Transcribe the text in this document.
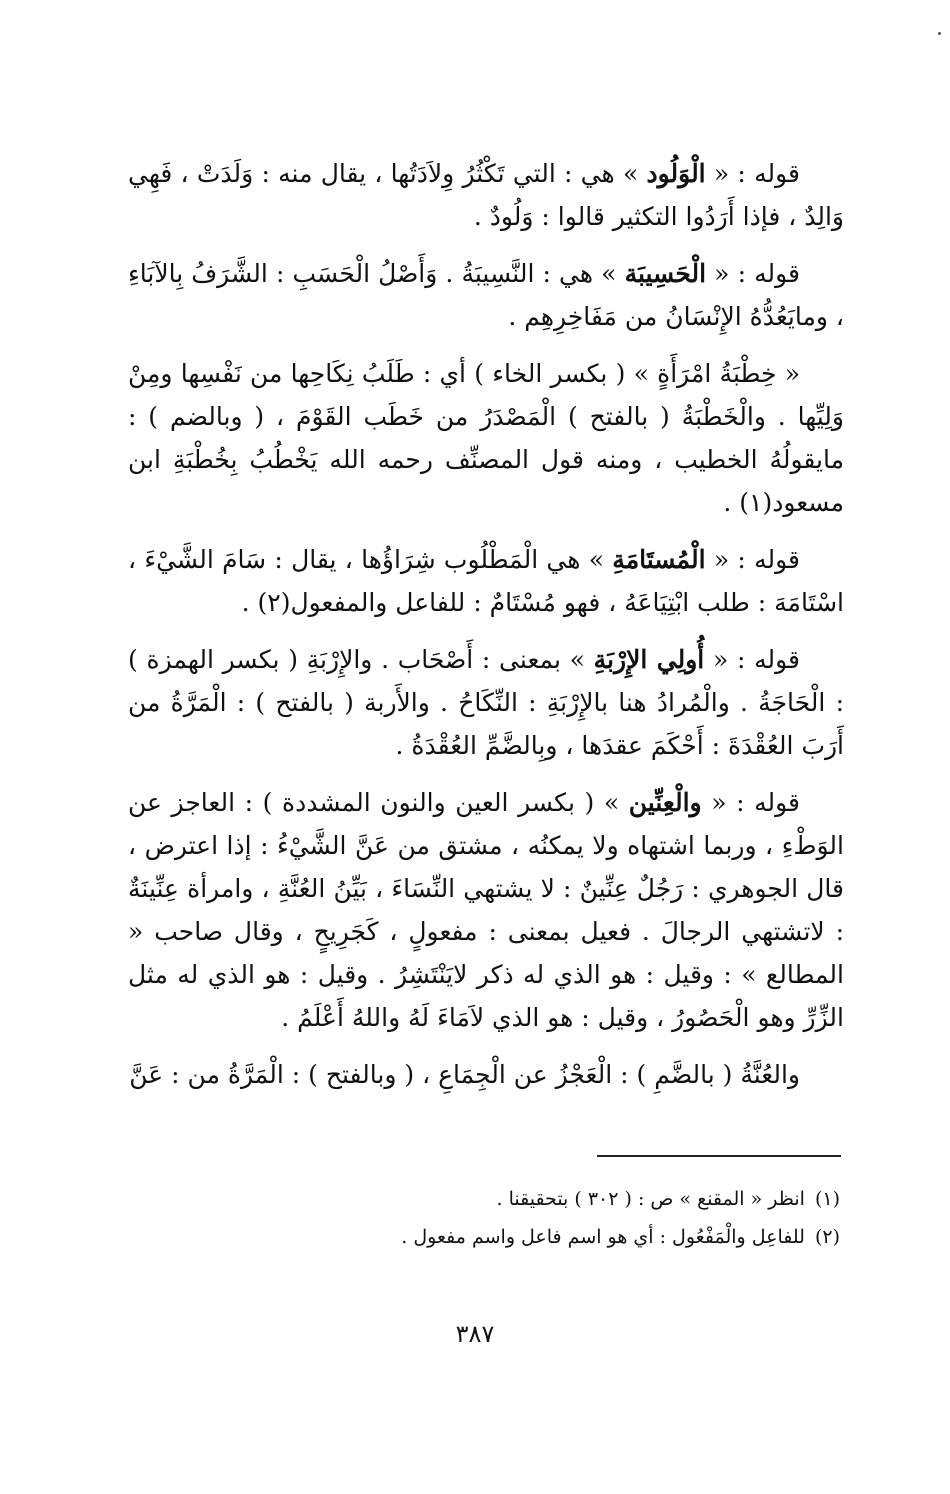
قوله : « الْوَلُود » هي : التي تَكْثُرُ وِلاَدَتُها ، يقال منه : وَلَدَتْ ، فَهِي وَالِدٌ ، فإذا أَرَدُوا التكثير قالوا : وَلُودٌ .

قوله : « الْحَسِيبَة » هي : النَّسِيبَةُ . وَأَصْلُ الْحَسَبِ : الشَّرَفُ بِالآبَاءِ ، ومايَعُدُّهُ الإِنْسَانُ من مَفَاخِرِهِم .

« خِطْبَةُ امْرَأَةٍ » ( بكسر الخاء ) أي : طَلَبُ نِكَاحِها من نَفْسِها ومِنْ وَلِيِّها . والْخَطْبَةُ ( بالفتح ) الْمَصْدَرُ من خَطَب القَوْمَ ، ( وبالضم ) : مايقولُهُ الخطيب ، ومنه قول المصنِّف رحمه الله يَخْطُبُ بِخُطْبَةِ ابن مسعود(١) .

قوله : « الْمُستَامَةِ » هي الْمَطْلُوب شِرَاؤُها ، يقال : سَامَ الشَّيْءَ ، اسْتَامَهَ : طلب ابْتِيَاعَهُ ، فهو مُسْتَامٌ : للفاعل والمفعول(٢) .

قوله : « أُولِي الإِرْبَةِ » بمعنى : أَصْحَاب . والإِرْبَةِ ( بكسر الهمزة ) : الْحَاجَةُ . والْمُرادُ هنا بالإِرْبَةِ : النِّكَاحُ . والأَربة ( بالفتح ) : الْمَرَّةُ من أَرَبَ العُقْدَةَ : أَحْكَمَ عقدَها ، وبِالضَّمِّ العُقْدَةُ .

قوله : « والْعِنِّين » ( بكسر العين والنون المشددة ) : العاجز عن الوَطْءِ ، وربما اشتهاه ولا يمكنُه ، مشتق من عَنَّ الشَّيْءُ : إذا اعترض ، قال الجوهري : رَجُلٌ عِنِّينٌ : لا يشتهي النِّسَاءَ ، بَيِّنُ العُنَّةِ ، وامرأة عِنِّينَةٌ : لاتشتهي الرجالَ . فعيل بمعنى : مفعولٍ ، كَجَرِيحٍ ، وقال صاحب « المطالع » : وقيل : هو الذي له ذكر لايَنْتَشِرُ . وقيل : هو الذي له مثل الزِّرِّ وهو الْحَصُورُ ، وقيل : هو الذي لاَمَاءَ لَهُ واللهُ أَعْلَمُ .

والعُنَّةُ ( بالضَّمِ ) : الْعَجْزُ عن الْجِمَاعِ ، ( وبالفتح ) : الْمَرَّةُ من : عَنَّ

(١)انظر « المقنع » ص : ( ٣٠٢ ) بتحقيقنا .

(٢)للفاعِل والْمَفْعُول : أي هو اسم فاعل واسم مفعول .

٣٨٧
